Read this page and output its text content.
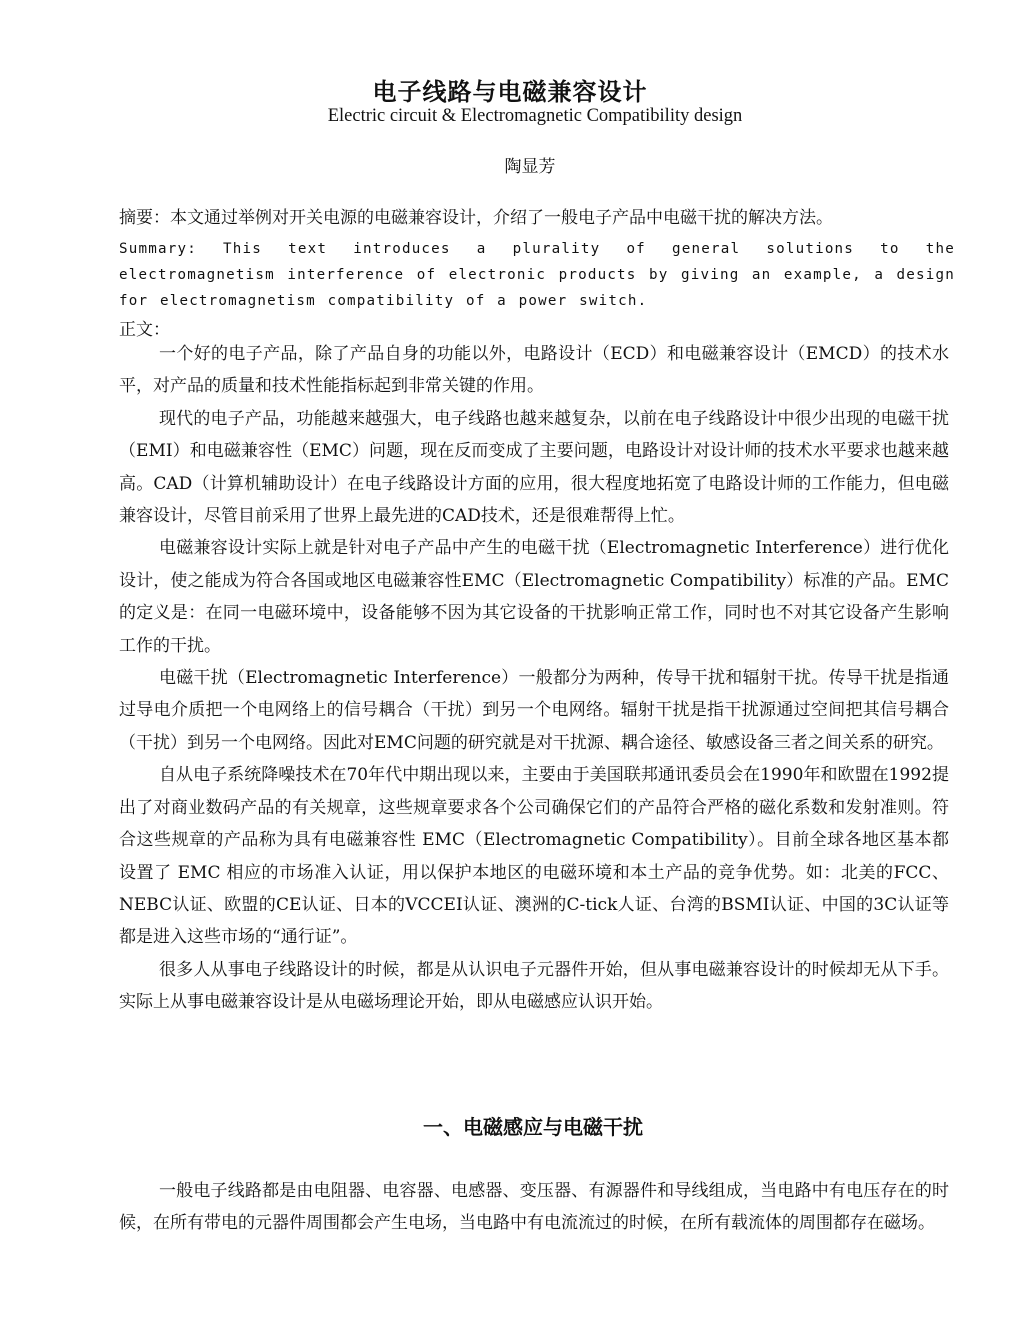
电子线路与电磁兼容设计
Electric circuit & Electromagnetic Compatibility design
陶显芳
摘要：本文通过举例对开关电源的电磁兼容设计，介绍了一般电子产品中电磁干扰的解决方法。
Summary: This text introduces a plurality of general solutions to the electromagnetism interference of electronic products by giving an example, a design for electromagnetism compatibility of a power switch.
正文：

一个好的电子产品，除了产品自身的功能以外，电路设计（ECD）和电磁兼容设计（EMCD）的技术水平，对产品的质量和技术性能指标起到非常关键的作用。

现代的电子产品，功能越来越强大，电子线路也越来越复杂，以前在电子线路设计中很少出现的电磁干扰（EMI）和电磁兼容性（EMC）问题，现在反而变成了主要问题，电路设计对设计师的技术水平要求也越来越高。CAD（计算机辅助设计）在电子线路设计方面的应用，很大程度地拓宽了电路设计师的工作能力，但电磁兼容设计，尽管目前采用了世界上最先进的CAD技术，还是很难帮得上忙。

电磁兼容设计实际上就是针对电子产品中产生的电磁干扰（Electromagnetic Interference）进行优化设计，使之能成为符合各国或地区电磁兼容性EMC（Electromagnetic Compatibility）标准的产品。EMC 的定义是：在同一电磁环境中，设备能够不因为其它设备的干扰影响正常工作，同时也不对其它设备产生影响工作的干扰。

电磁干扰（Electromagnetic Interference）一般都分为两种，传导干扰和辐射干扰。传导干扰是指通过导电介质把一个电网络上的信号耦合（干扰）到另一个电网络。辐射干扰是指干扰源通过空间把其信号耦合（干扰）到另一个电网络。因此对EMC问题的研究就是对干扰源、耦合途径、敏感设备三者之间关系的研究。

自从电子系统降噪技术在70年代中期出现以来，主要由于美国联邦通讯委员会在1990年和欧盟在1992提出了对商业数码产品的有关规章，这些规章要求各个公司确保它们的产品符合严格的磁化系数和发射准则。符合这些规章的产品称为具有电磁兼容性 EMC（Electromagnetic Compatibility）。目前全球各地区基本都设置了 EMC 相应的市场准入认证，用以保护本地区的电磁环境和本土产品的竞争优势。如：北美的FCC、NEBC认证、欧盟的CE认证、日本的VCCEI认证、澳洲的C-tick人证、台湾的BSMI认证、中国的3C认证等都是进入这些市场的“通行证”。

很多人从事电子线路设计的时候，都是从认识电子元器件开始，但从事电磁兼容设计的时候却无从下手。实际上从事电磁兼容设计是从电磁场理论开始，即从电磁感应认识开始。

一、电磁感应与电磁干扰

一般电子线路都是由电阻器、电容器、电感器、变压器、有源器件和导线组成，当电路中有电压存在的时候，在所有带电的元器件周围都会产生电场，当电路中有电流流过的时候，在所有载流体的周围都存在磁场。
